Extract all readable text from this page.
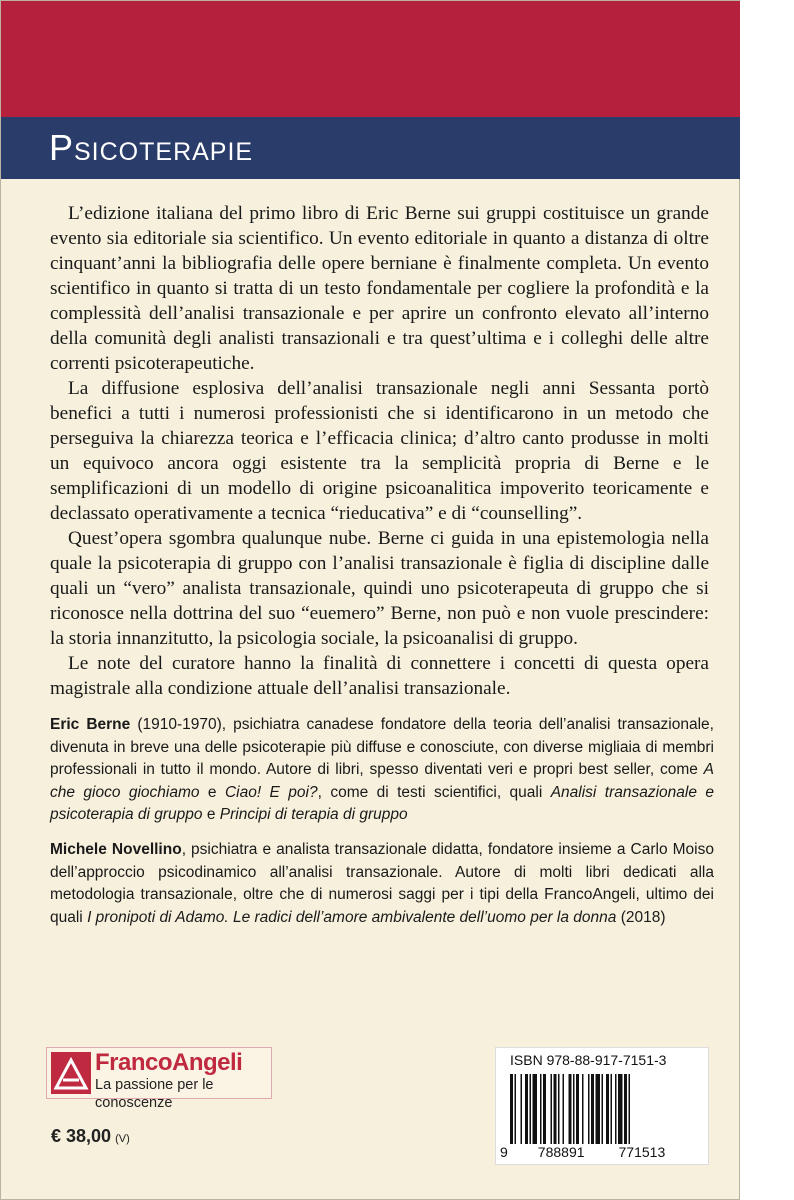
Psicoterapie

L’edizione italiana del primo libro di Eric Berne sui gruppi costituisce un grande evento sia editoriale sia scientifico. Un evento editoriale in quanto a distanza di oltre cinquant’anni la bibliografia delle opere berniane è finalmente completa. Un evento scientifico in quanto si tratta di un testo fondamentale per cogliere la profondità e la complessità dell’analisi transazionale e per aprire un confronto elevato all’interno della comunità degli analisti transazionali e tra quest’ultima e i colleghi delle altre correnti psicoterapeutiche.

La diffusione esplosiva dell’analisi transazionale negli anni Sessanta portò benefici a tutti i numerosi professionisti che si identificarono in un metodo che perseguiva la chiarezza teorica e l’efficacia clinica; d’altro canto produsse in molti un equivoco ancora oggi esistente tra la semplicità propria di Berne e le semplificazioni di un modello di origine psicoanalitica impoverito teoricamente e declassato operativamente a tecnica “rieducativa” e di “counselling”.

Quest’opera sgombra qualunque nube. Berne ci guida in una epistemologia nella quale la psicoterapia di gruppo con l’analisi transazionale è figlia di discipline dalle quali un “vero” analista transazionale, quindi uno psicoterapeuta di gruppo che si riconosce nella dottrina del suo “euemero” Berne, non può e non vuole prescindere: la storia innanzitutto, la psicologia sociale, la psicoanalisi di gruppo.

Le note del curatore hanno la finalità di connettere i concetti di questa opera magistrale alla condizione attuale dell’analisi transazionale.

Eric Berne (1910-1970), psichiatra canadese fondatore della teoria dell’analisi transazionale, divenuta in breve una delle psicoterapie più diffuse e conosciute, con diverse migliaia di membri professionali in tutto il mondo. Autore di libri, spesso diventati veri e propri best seller, come A che gioco giochiamo e Ciao! E poi?, come di testi scientifici, quali Analisi transazionale e psicoterapia di gruppo e Principi di terapia di gruppo
Michele Novellino, psichiatra e analista transazionale didatta, fondatore insieme a Carlo Moiso dell’approccio psicodinamico all’analisi transazionale. Autore di molti libri dedicati alla metodologia transazionale, oltre che di numerosi saggi per i tipi della FrancoAngeli, ultimo dei quali I pronipoti di Adamo. Le radici dell’amore ambivalente dell’uomo per la donna (2018)
FrancoAngeli
La passione per le conoscenze
€ 38,00 (V)
ISBN 978-88-917-7151-3
9 788891 771513
